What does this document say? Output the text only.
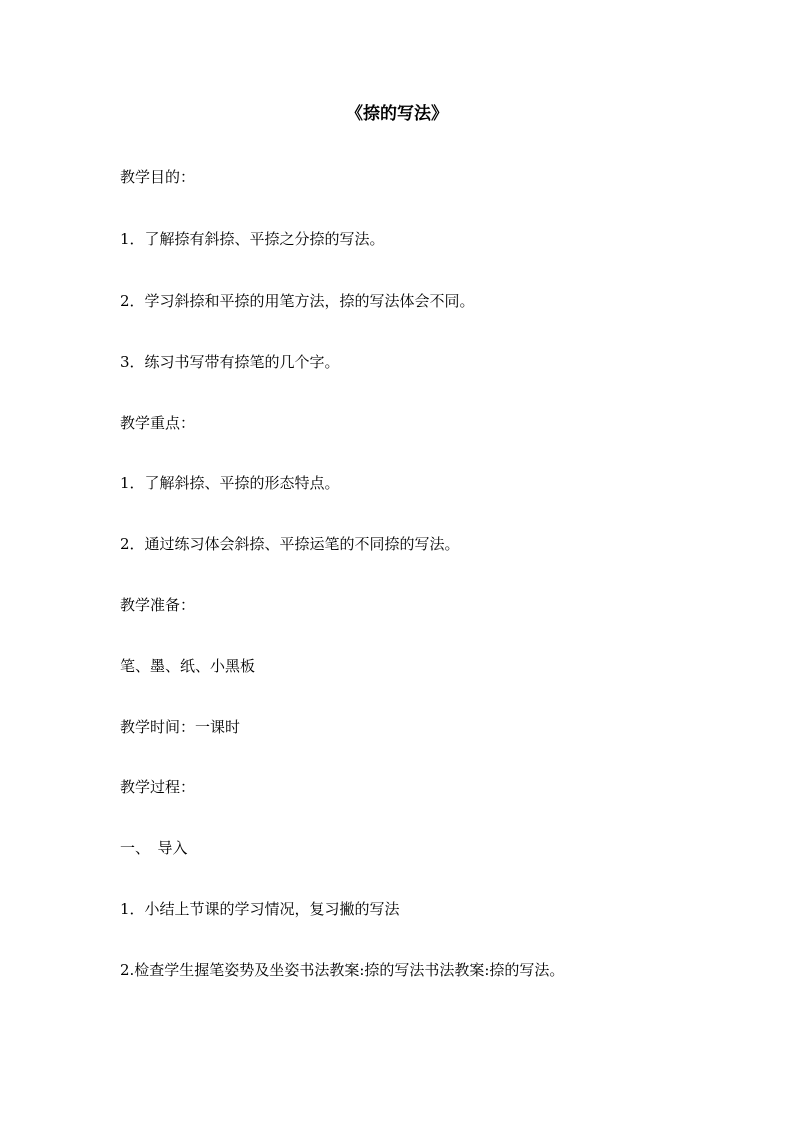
《捺的写法》
教学目的：
1．了解捺有斜捺、平捺之分捺的写法。
2．学习斜捺和平捺的用笔方法，捺的写法体会不同。
3．练习书写带有捺笔的几个字。
教学重点：
1．了解斜捺、平捺的形态特点。
2．通过练习体会斜捺、平捺运笔的不同捺的写法。
教学准备：
笔、墨、纸、小黑板
教学时间：一课时
教学过程：
一、　导入
1．小结上节课的学习情况，复习撇的写法
2.检查学生握笔姿势及坐姿书法教案:捺的写法书法教案:捺的写法。
